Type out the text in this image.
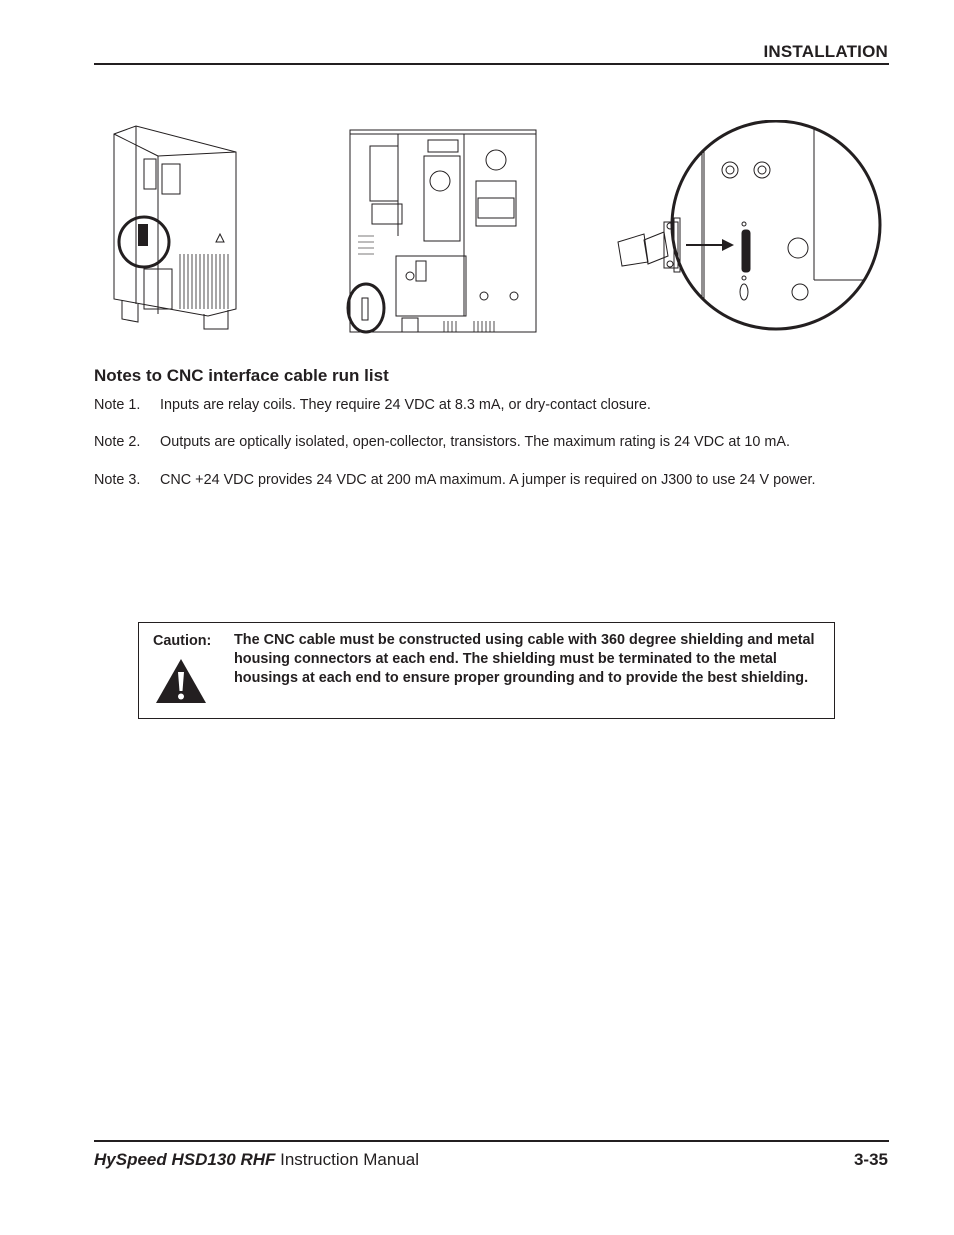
INSTALLATION
Notes to CNC interface cable run list
Note 1. Inputs are relay coils. They require 24 VDC at 8.3 mA, or dry-contact closure.
Note 2. Outputs are optically isolated, open-collector, transistors. The maximum rating is 24 VDC at 10 mA.
Note 3. CNC +24 VDC provides 24 VDC at 200 mA maximum. A jumper is required on J300 to use 24 V power.
Caution: The CNC cable must be constructed using cable with 360 degree shielding and metal housing connectors at each end. The shielding must be terminated to the metal housings at each end to ensure proper grounding and to provide the best shielding.
HySpeed HSD130 RHF Instruction Manual	3-35
